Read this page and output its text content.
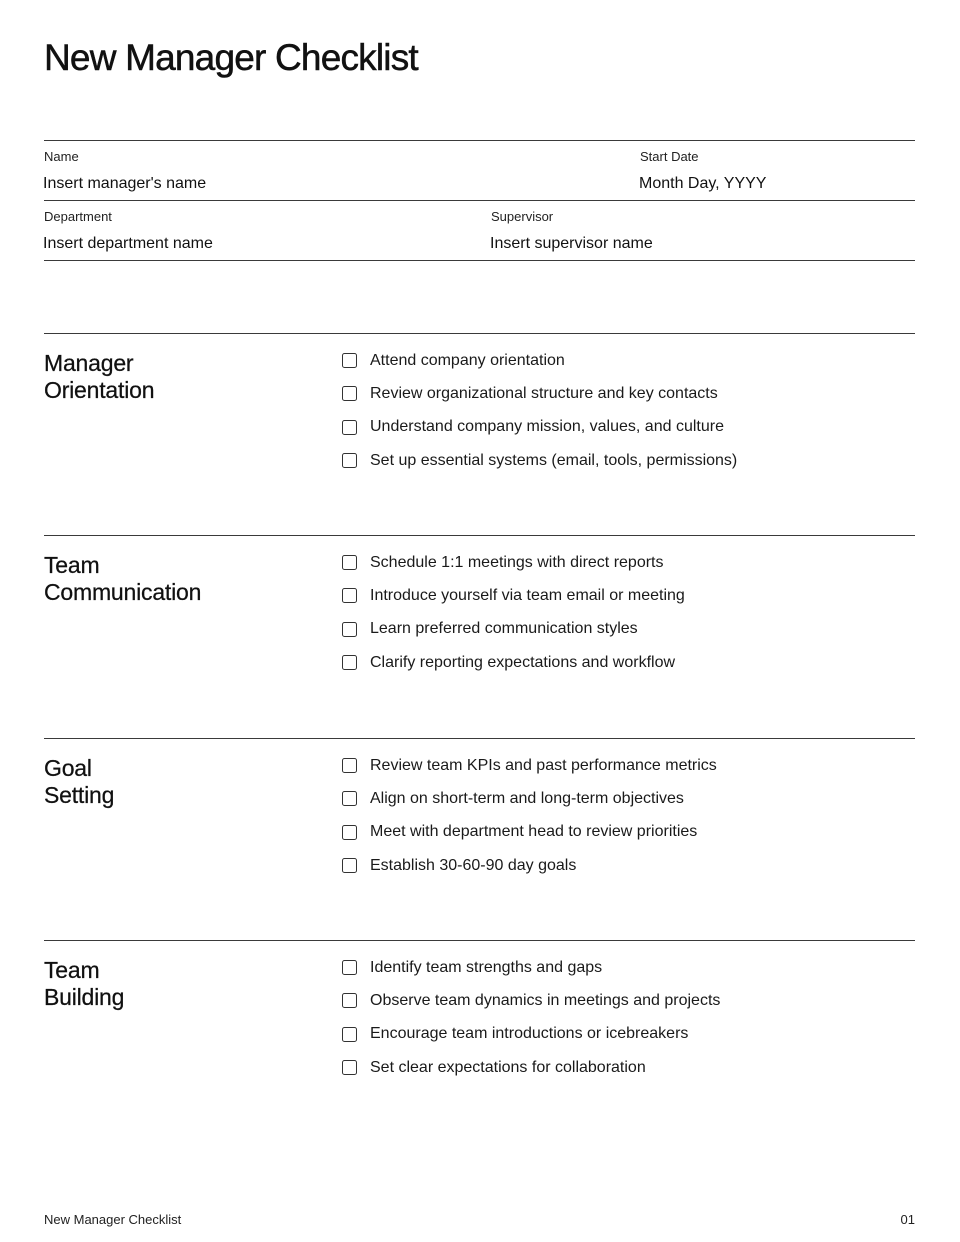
New Manager Checklist
Name
Insert manager's name
Start Date
Month Day, YYYY
Department
Insert department name
Supervisor
Insert supervisor name
Manager
Orientation
Attend company orientation
Review organizational structure and key contacts
Understand company mission, values, and culture
Set up essential systems (email, tools, permissions)
Team
Communication
Schedule 1:1 meetings with direct reports
Introduce yourself via team email or meeting
Learn preferred communication styles
Clarify reporting expectations and workflow
Goal
Setting
Review team KPIs and past performance metrics
Align on short-term and long-term objectives
Meet with department head to review priorities
Establish 30-60-90 day goals
Team
Building
Identify team strengths and gaps
Observe team dynamics in meetings and projects
Encourage team introductions or icebreakers
Set clear expectations for collaboration
New Manager Checklist	01
